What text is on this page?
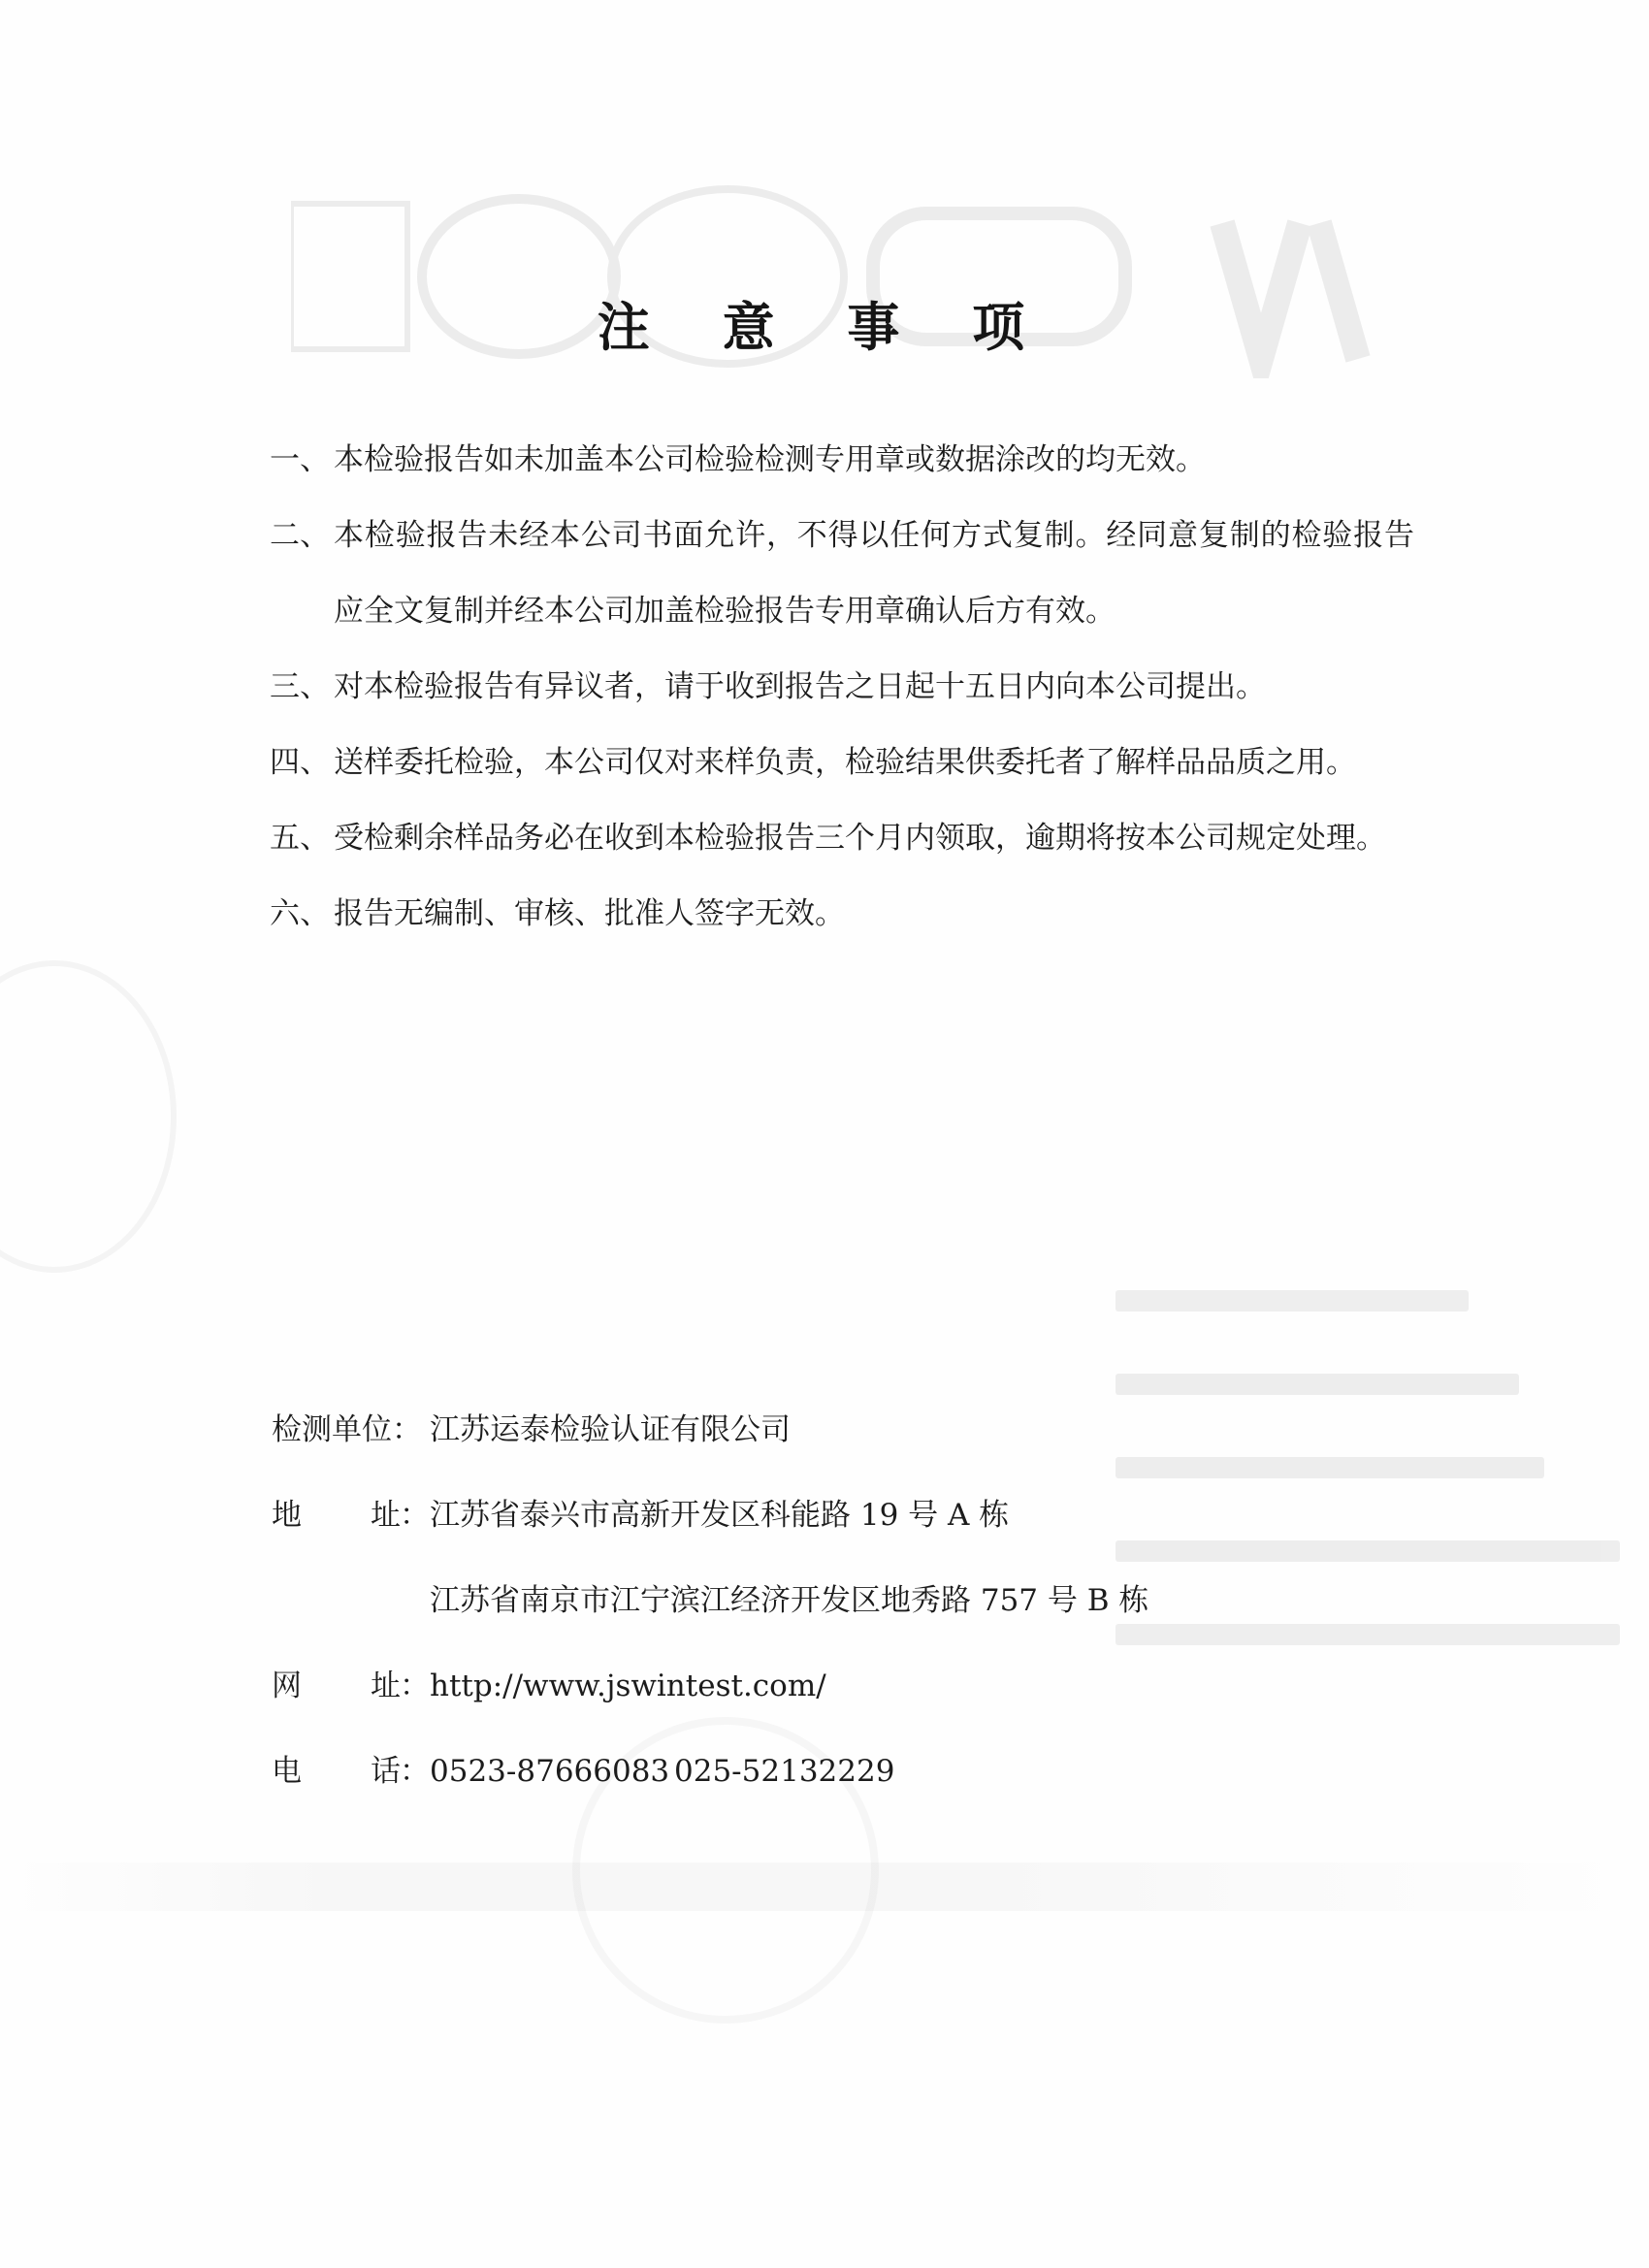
注 意 事 项
一、 本检验报告如未加盖本公司检验检测专用章或数据涂改的均无效。
二、 本检验报告未经本公司书面允许，不得以任何方式复制。经同意复制的检验报告应全文复制并经本公司加盖检验报告专用章确认后方有效。
三、 对本检验报告有异议者，请于收到报告之日起十五日内向本公司提出。
四、 送样委托检验，本公司仅对来样负责，检验结果供委托者了解样品品质之用。
五、 受检剩余样品务必在收到本检验报告三个月内领取，逾期将按本公司规定处理。
六、 报告无编制、审核、批准人签字无效。
检测单位： 江苏运泰检验认证有限公司
地 址 ： 江苏省泰兴市高新开发区科能路 19 号 A 栋
江苏省南京市江宁滨江经济开发区地秀路 757 号 B 栋
网 址 ： http://www.jswintest.com/
电 话 ： 0523-87666083 025-52132229
